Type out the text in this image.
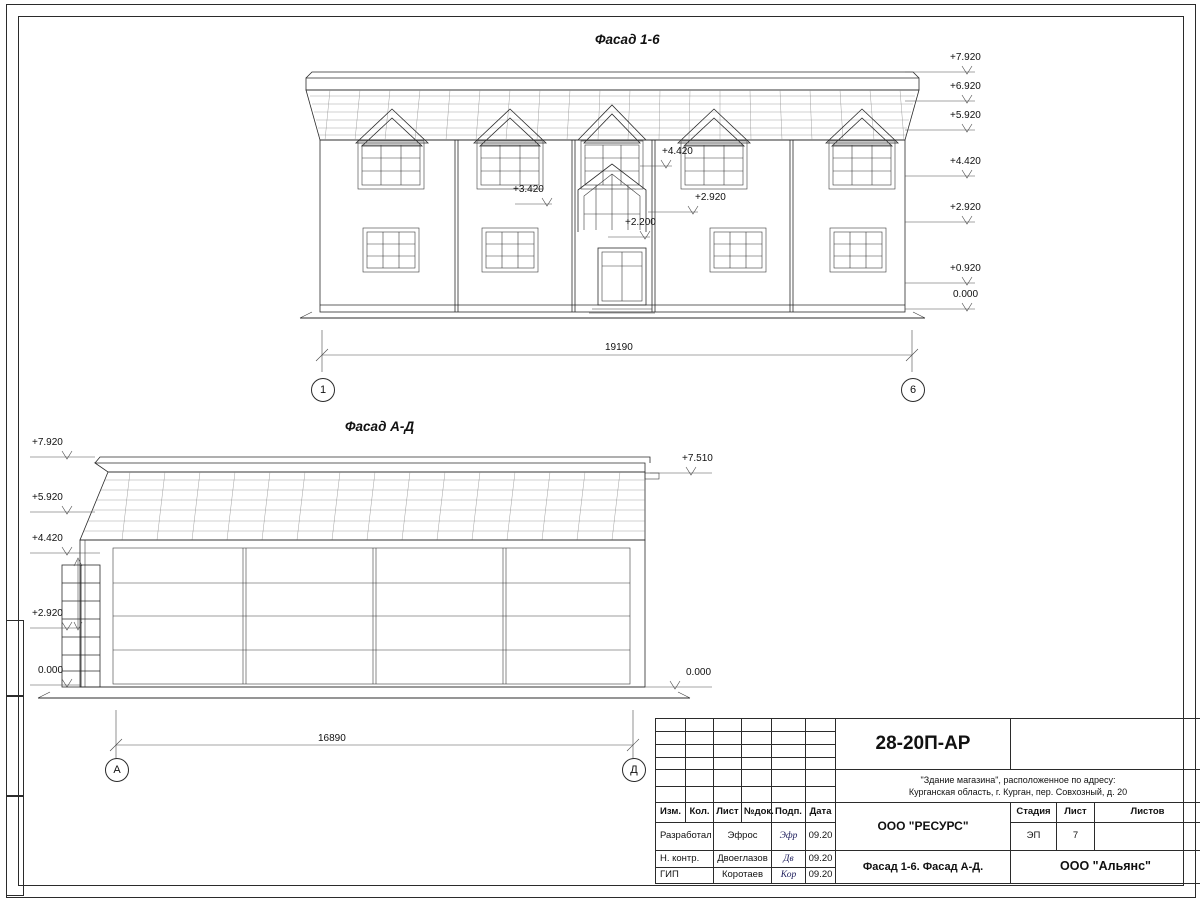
Фасад 1-6
+7.920
+6.920
+5.920
+4.420
+2.920
+0.920
0.000
+4.420
+3.420
+2.920
+2.200
19190
1	6
Фасад А-Д
+7.920
+5.920
+4.420
+2.920
0.000
+7.510
0.000
16890
А	Д

						28-20П-АР			

						"Здание магазина", расположенное по адресу:
Курганская область, г. Курган, пер. Совхозный, д. 20			

Изм.	Кол.	Лист	№док.	Подп.	Дата	ООО "РЕСУРС"	Стадия	Лист	Листов
Разработал		Эфрос		Эфр	09.20		ЭП	7	
Н. контр.		Двоеглазов		Дв	09.20	Фасад 1-6. Фасад А-Д.	ООО "Альянс"		

ГИП		Коротаев		Кор	09.20				
